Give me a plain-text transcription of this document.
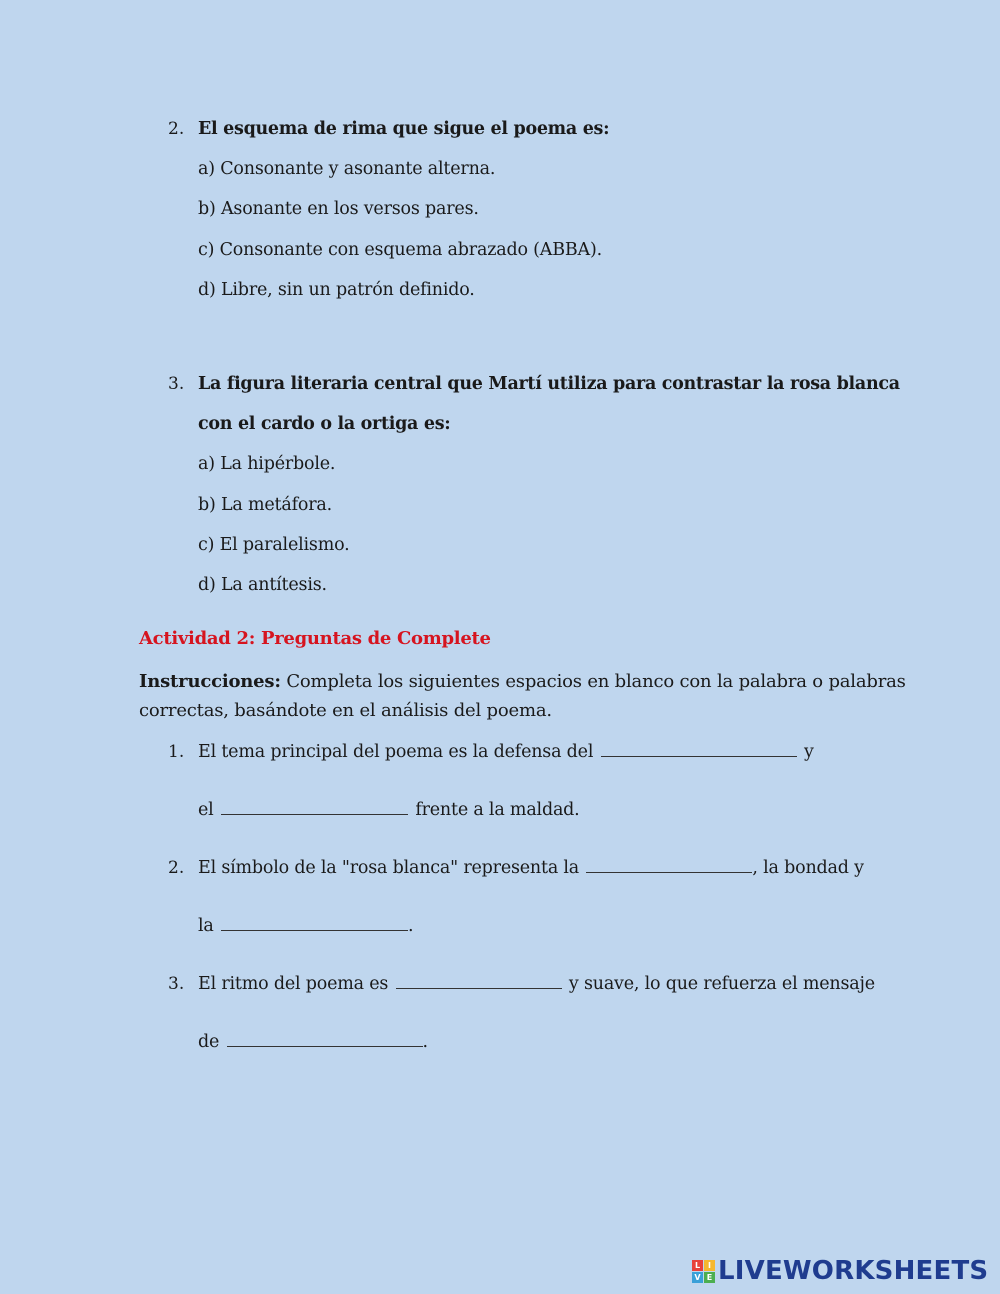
2. El esquema de rima que sigue el poema es:
a) Consonante y asonante alterna.
b) Asonante en los versos pares.
c) Consonante con esquema abrazado (ABBA).
d) Libre, sin un patrón definido.
3. La figura literaria central que Martí utiliza para contrastar la rosa blanca
con el cardo o la ortiga es:
a) La hipérbole.
b) La metáfora.
c) El paralelismo.
d) La antítesis.
Actividad 2: Preguntas de Complete
Instrucciones: Completa los siguientes espacios en blanco con la palabra o palabras
correctas, basándote en el análisis del poema.
1. El tema principal del poema es la defensa del	y
el	frente a la maldad.
2. El símbolo de la "rosa blanca" representa la	, la bondad y
la	.
3. El ritmo del poema es	y suave, lo que refuerza el mensaje
de	.
L I
V E LIVEWORKSHEETS
